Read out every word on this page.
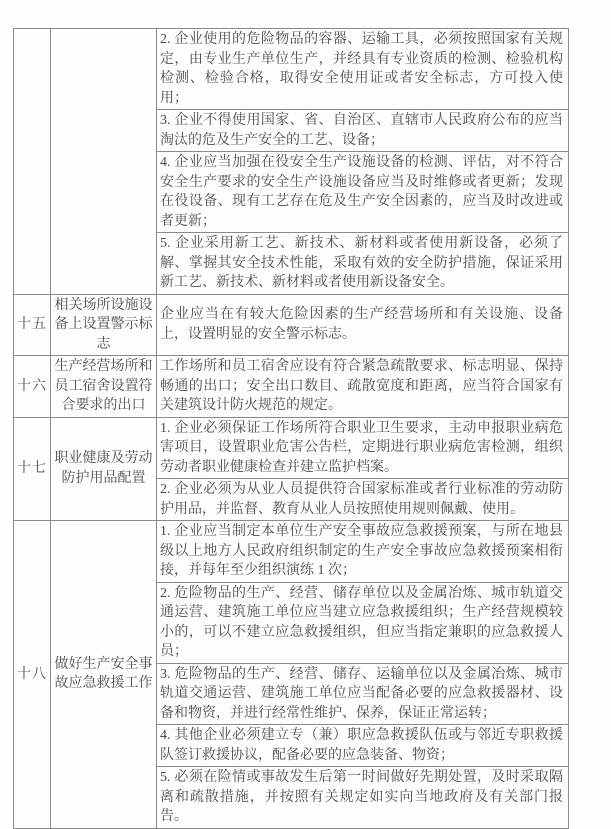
		2. 企业使用的危险物品的容器、运输工具，必须按照国家有关规定，由专业生产单位生产，并经具有专业资质的检测、检验机构检测、检验合格，取得安全使用证或者安全标志，方可投入使用；
		3. 企业不得使用国家、省、自治区、直辖市人民政府公布的应当淘汰的危及生产安全的工艺、设备；
		4. 企业应当加强在役安全生产设施设备的检测、评估，对不符合安全生产要求的安全生产设施设备应当及时维修或者更新；发现在役设备、现有工艺存在危及生产安全因素的，应当及时改进或者更新；
		5. 企业采用新工艺、新技术、新材料或者使用新设备，必须了解、掌握其安全技术性能，采取有效的安全防护措施，保证采用新工艺、新技术、新材料或者使用新设备安全。
十五	相关场所设施设备上设置警示标志	企业应当在有较大危险因素的生产经营场所和有关设施、设备上，设置明显的安全警示标志。
十六	生产经营场所和员工宿舍设置符合要求的出口	工作场所和员工宿舍应设有符合紧急疏散要求、标志明显、保持畅通的出口；安全出口数目、疏散宽度和距离，应当符合国家有关建筑设计防火规范的规定。
十七	职业健康及劳动防护用品配置	1. 企业必须保证工作场所符合职业卫生要求，主动申报职业病危害项目，设置职业危害公告栏，定期进行职业病危害检测，组织劳动者职业健康检查并建立监护档案。
		2. 企业必须为从业人员提供符合国家标准或者行业标准的劳动防护用品，并监督、教育从业人员按照使用规则佩戴、使用。
十八	做好生产安全事故应急救援工作	1. 企业应当制定本单位生产安全事故应急救援预案，与所在地县级以上地方人民政府组织制定的生产安全事故应急救援预案相衔接，并每年至少组织演练 1 次；
		2. 危险物品的生产、经营、储存单位以及金属冶炼、城市轨道交通运营、建筑施工单位应当建立应急救援组织；生产经营规模较小的，可以不建立应急救援组织，但应当指定兼职的应急救援人员；
		3. 危险物品的生产、经营、储存、运输单位以及金属冶炼、城市轨道交通运营、建筑施工单位应当配备必要的应急救援器材、设备和物资，并进行经常性维护、保养，保证正常运转；
		4. 其他企业必须建立专（兼）职应急救援队伍或与邻近专职救援队签订救援协议，配备必要的应急装备、物资；
		5. 必须在险情或事故发生后第一时间做好先期处置，及时采取隔离和疏散措施，并按照有关规定如实向当地政府及有关部门报告。
